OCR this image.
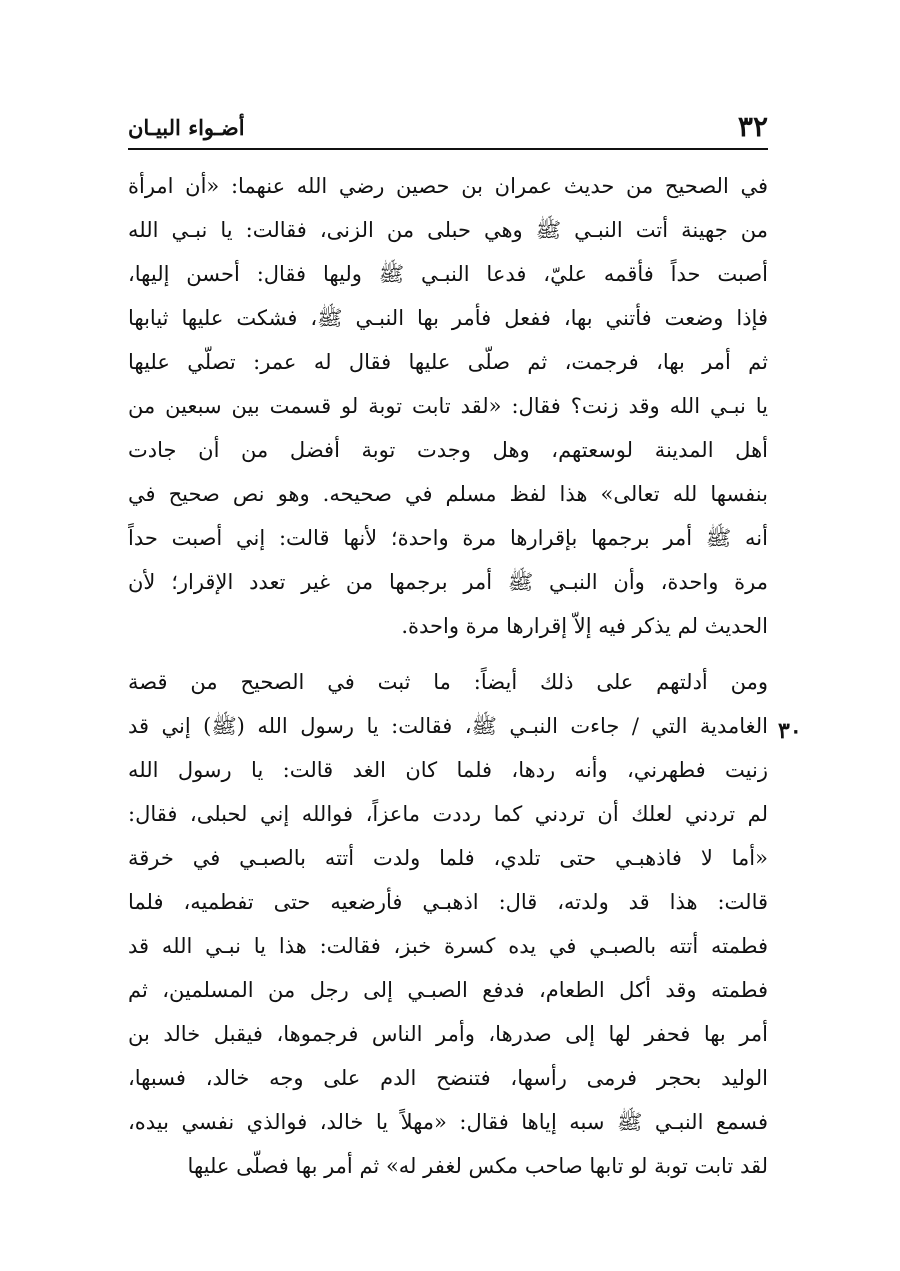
٣٢
أضـواء البيـان
في الصحيح من حديث عمران بن حصين رضي الله عنهما: «أن امرأة
من جهينة أتت النبـي ﷺ وهي حبلى من الزنى، فقالت: يا نبـي الله
أصبت حداً فأقمه عليّ، فدعا النبـي ﷺ وليها فقال: أحسن إليها،
فإذا وضعت فأتني بها، ففعل فأمر بها النبـي ﷺ، فشكت عليها ثيابها
ثم أمر بها، فرجمت، ثم صلّى عليها فقال له عمر: تصلّي عليها
يا نبـي الله وقد زنت؟ فقال: «لقد تابت توبة لو قسمت بين سبعين من
أهل المدينة لوسعتهم، وهل وجدت توبة أفضل من أن جادت
بنفسها لله تعالى» هذا لفظ مسلم في صحيحه. وهو نص صحيح في
أنه ﷺ أمر برجمها بإقرارها مرة واحدة؛ لأنها قالت: إني أصبت حداً
مرة واحدة، وأن النبـي ﷺ أمر برجمها من غير تعدد الإقرار؛ لأن
الحديث لم يذكر فيه إلاّ إقرارها مرة واحدة.
ومن أدلتهم على ذلك أيضاً: ما ثبت في الصحيح من قصة
الغامدية التي / جاءت النبـي ﷺ، فقالت: يا رسول الله (ﷺ) إني قد
زنيت فطهرني، وأنه ردها، فلما كان الغد قالت: يا رسول الله
لم تردني لعلك أن تردني كما رددت ماعزاً، فوالله إني لحبلى، فقال:
«أما لا فاذهبـي حتى تلدي، فلما ولدت أتته بالصبـي في خرقة
قالت: هذا قد ولدته، قال: اذهبـي فأرضعيه حتى تفطميه، فلما
فطمته أتته بالصبـي في يده كسرة خبز، فقالت: هذا يا نبـي الله قد
فطمته وقد أكل الطعام، فدفع الصبـي إلى رجل من المسلمين، ثم
أمر بها فحفر لها إلى صدرها، وأمر الناس فرجموها، فيقبل خالد بن
الوليد بحجر فرمى رأسها، فتنضح الدم على وجه خالد، فسبها،
فسمع النبـي ﷺ سبه إياها فقال: «مهلاً يا خالد، فوالذي نفسي بيده،
لقد تابت توبة لو تابها صاحب مكس لغفر له» ثم أمر بها فصلّى عليها
٣٠
